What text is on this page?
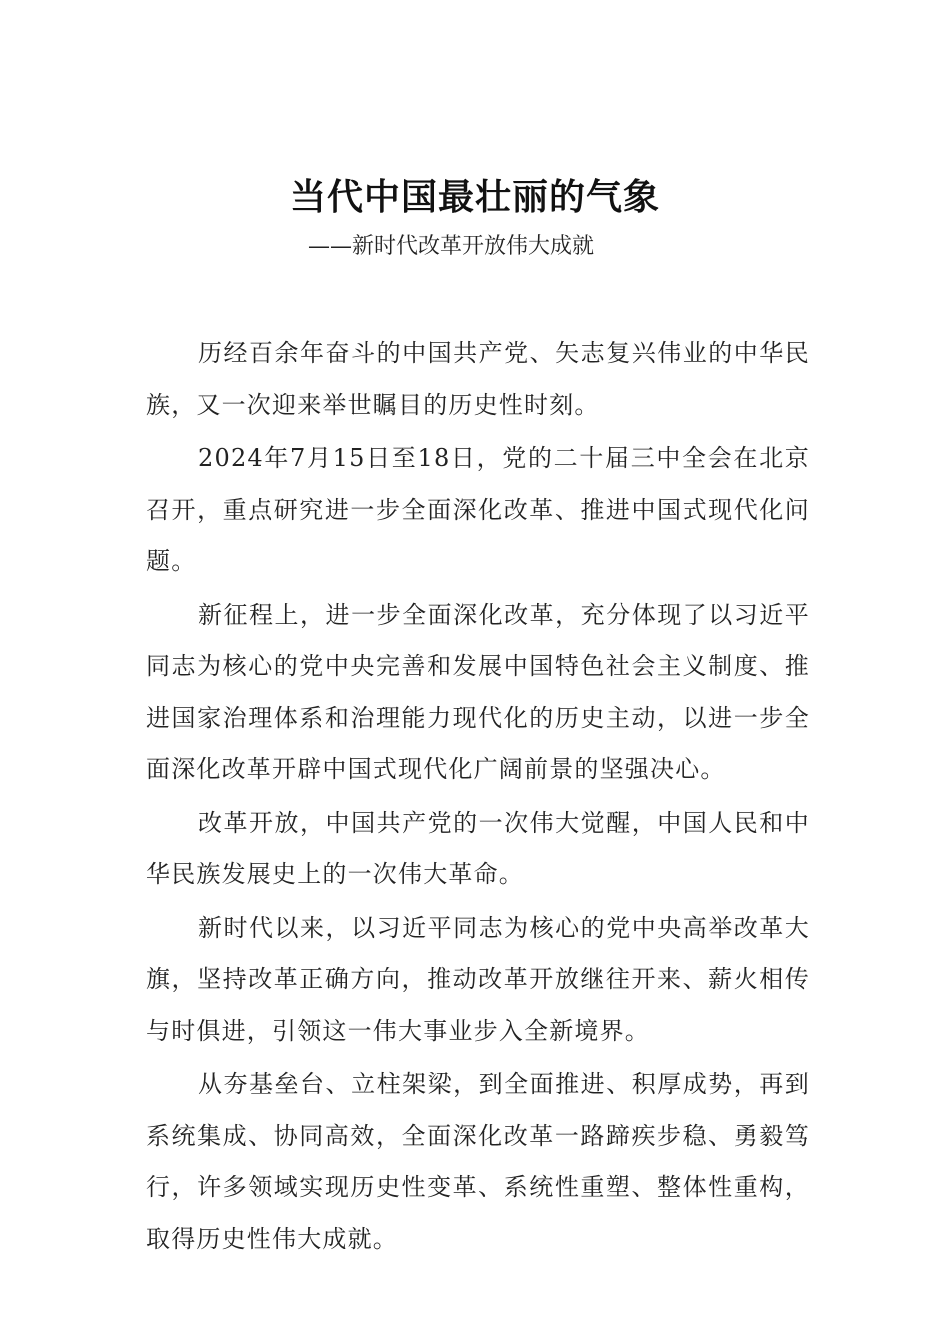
当代中国最壮丽的气象
——新时代改革开放伟大成就

历经百余年奋斗的中国共产党、矢志复兴伟业的中华民族，又一次迎来举世瞩目的历史性时刻。

2024年7月15日至18日，党的二十届三中全会在北京召开，重点研究进一步全面深化改革、推进中国式现代化问题。

新征程上，进一步全面深化改革，充分体现了以习近平同志为核心的党中央完善和发展中国特色社会主义制度、推进国家治理体系和治理能力现代化的历史主动，以进一步全面深化改革开辟中国式现代化广阔前景的坚强决心。

改革开放，中国共产党的一次伟大觉醒，中国人民和中华民族发展史上的一次伟大革命。

新时代以来，以习近平同志为核心的党中央高举改革大旗，坚持改革正确方向，推动改革开放继往开来、薪火相传与时俱进，引领这一伟大事业步入全新境界。

从夯基垒台、立柱架梁，到全面推进、积厚成势，再到系统集成、协同高效，全面深化改革一路蹄疾步稳、勇毅笃行，许多领域实现历史性变革、系统性重塑、整体性重构，取得历史性伟大成就。
